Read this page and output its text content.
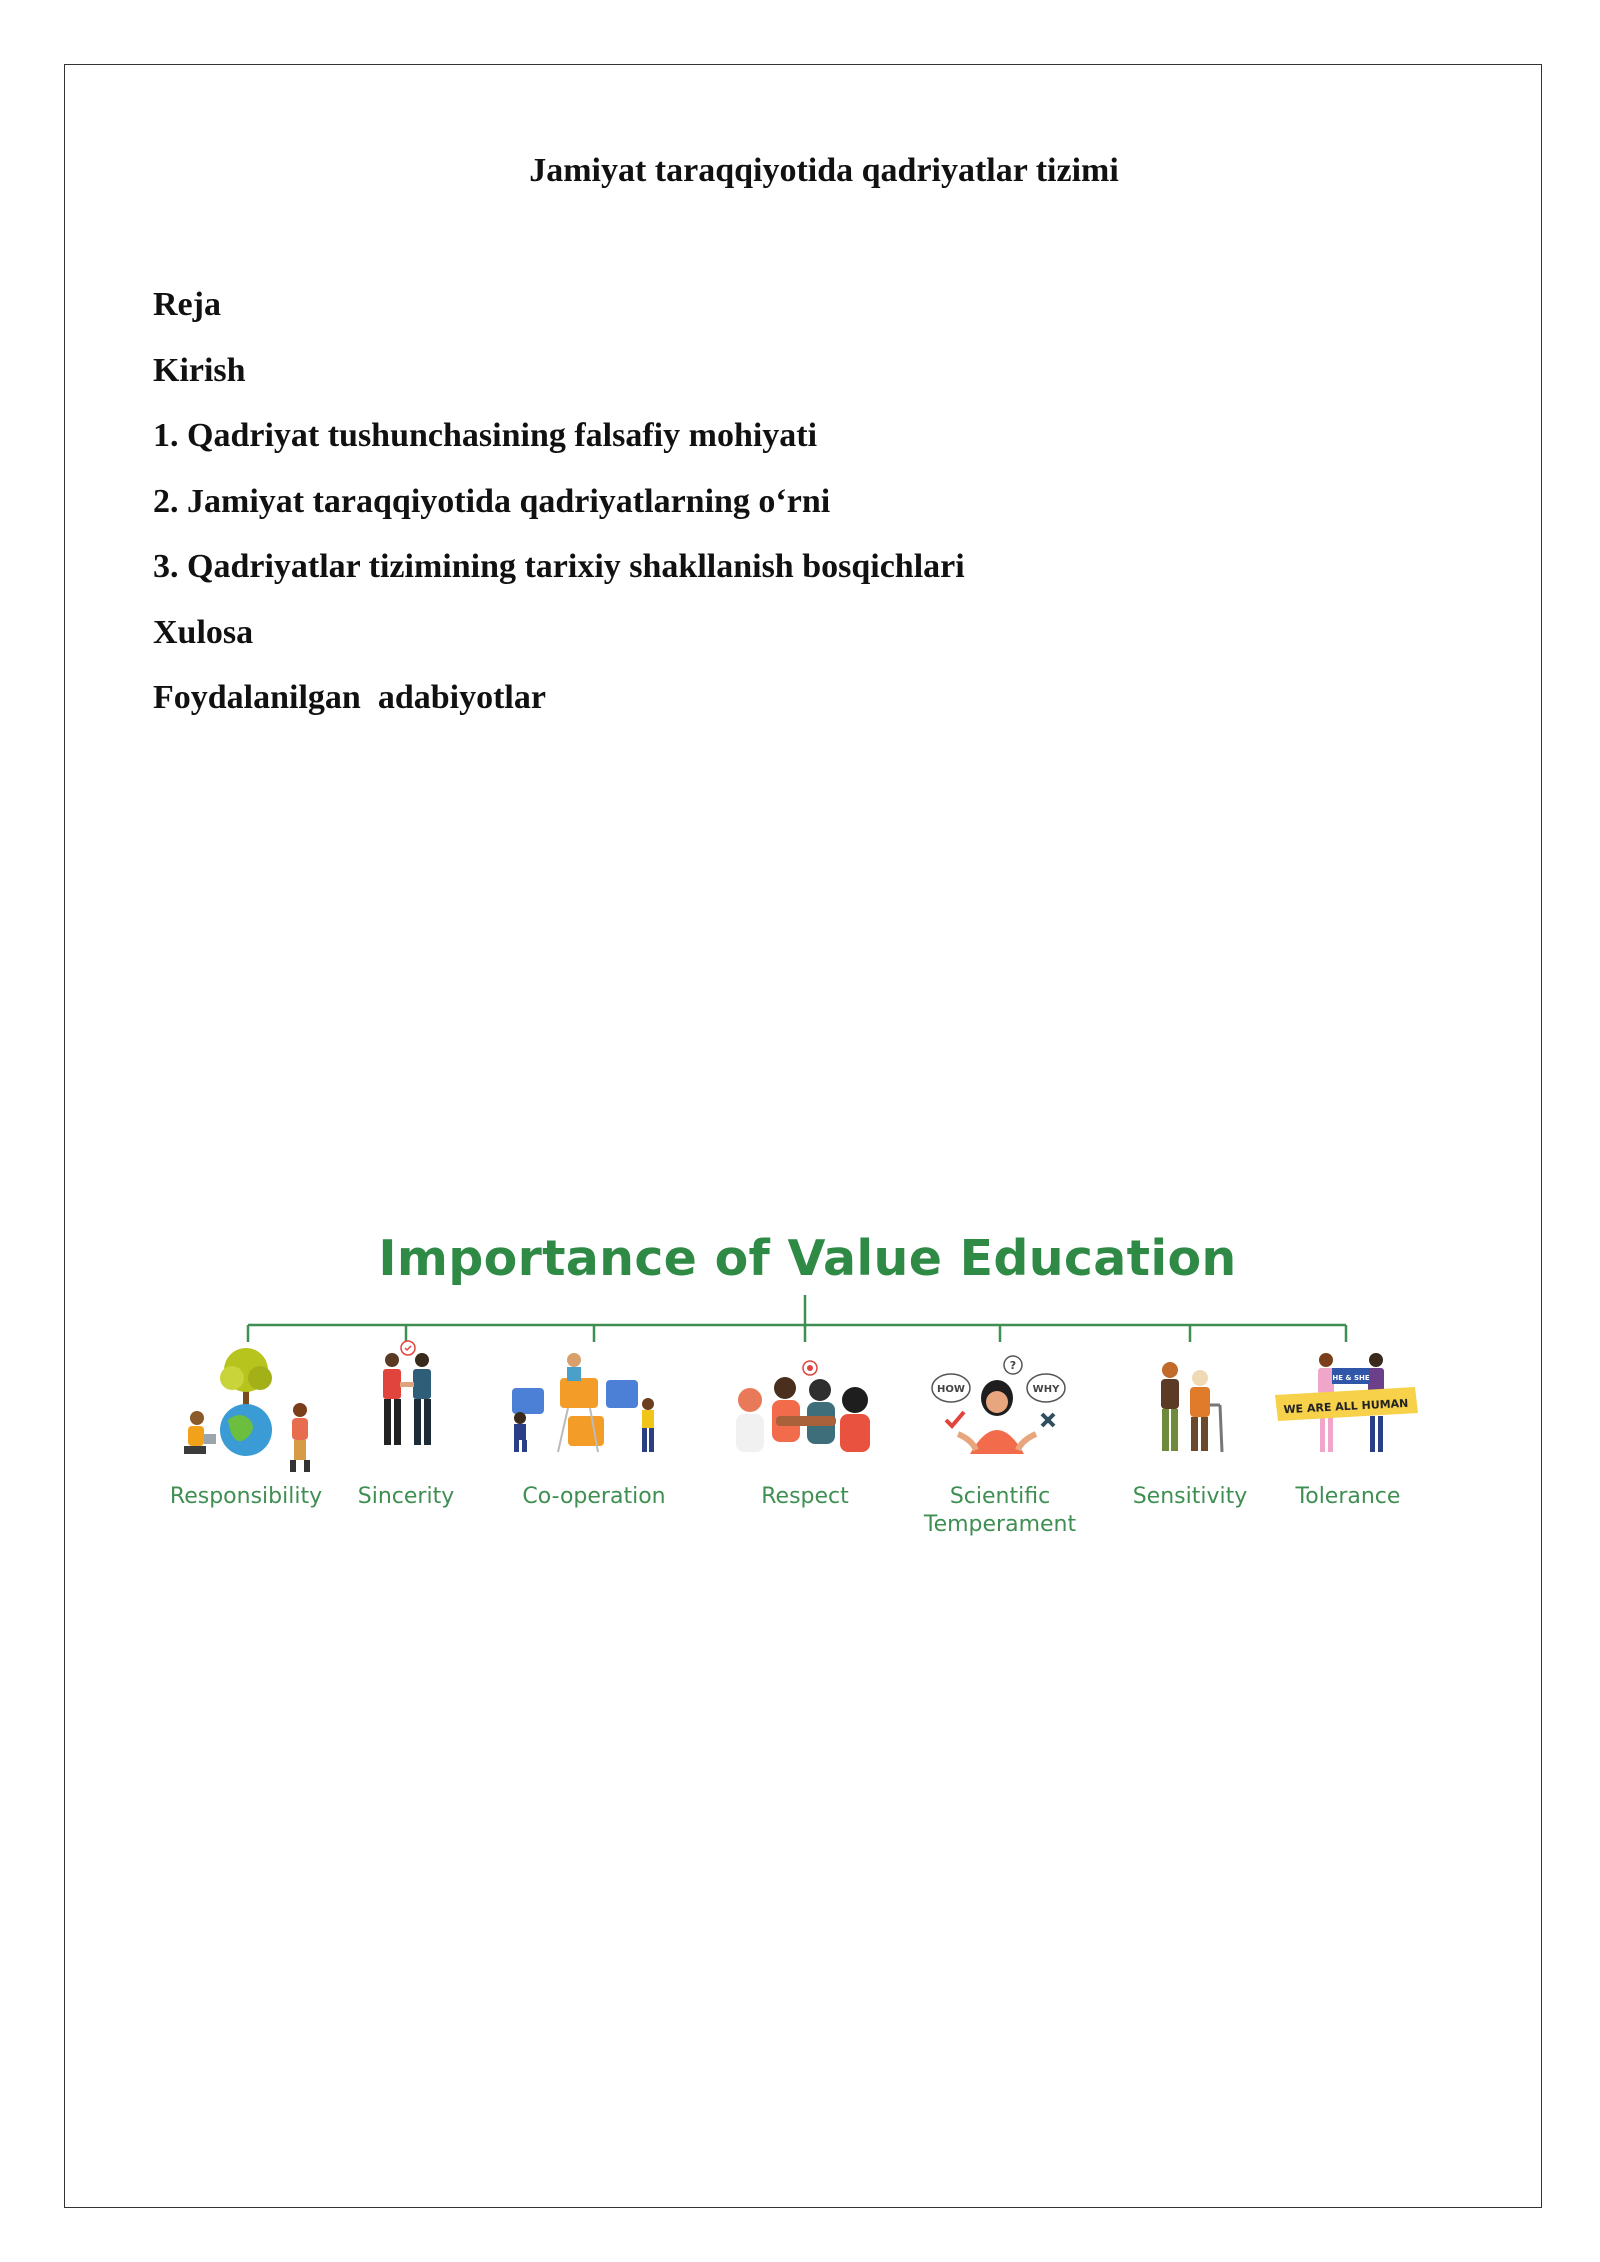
Jamiyat taraqqiyotida qadriyatlar tizimi
Reja
Kirish
1. Qadriyat tushunchasining falsafiy mohiyati
2. Jamiyat taraqqiyotida qadriyatlarning o‘rni
3. Qadriyatlar tizimining tarixiy shakllanish bosqichlari
Xulosa
Foydalanilgan  adabiyotlar
Importance of Value Education
HOW	WHY
?
HE & SHE
WE ARE ALL HUMAN
Responsibility	Sincerity	Co-operation	Respect	Scientific
Temperament
Sensitivity	Tolerance
